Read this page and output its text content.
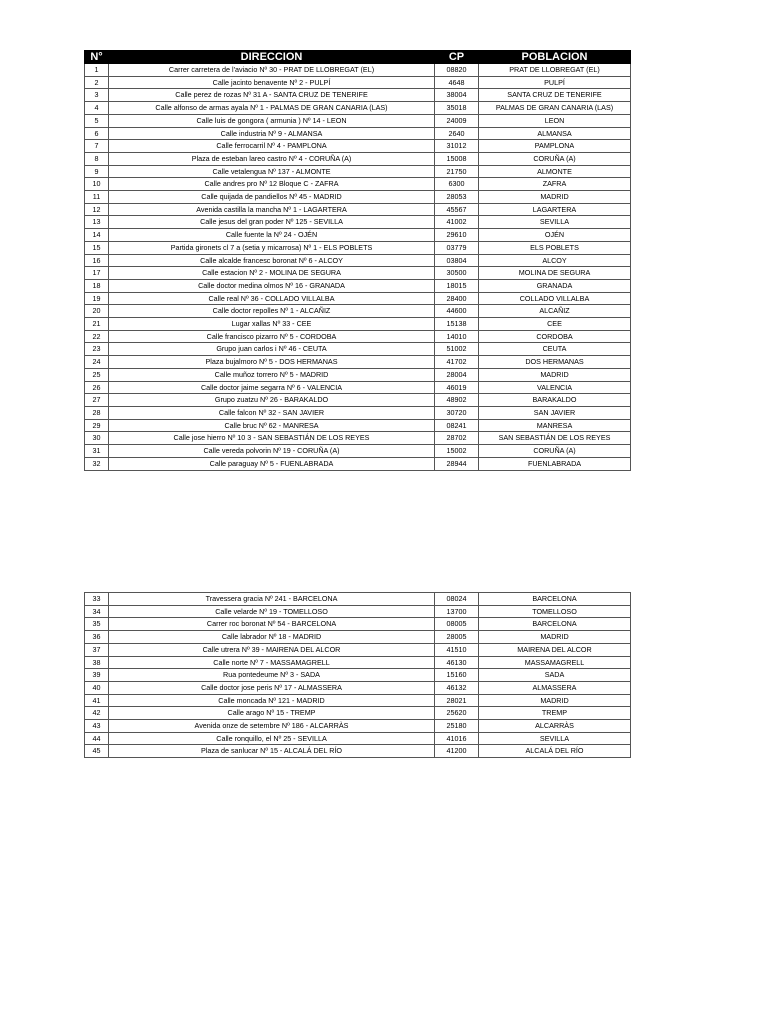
N°	DIRECCION	CP	POBLACION
1	Carrer carretera de l'aviacio Nº 30 - PRAT DE LLOBREGAT (EL)	08820	PRAT DE LLOBREGAT (EL)
2	Calle jacinto benavente Nº 2 - PULPÍ	4648	PULPÍ
3	Calle perez de rozas Nº 31 A - SANTA CRUZ DE TENERIFE	38004	SANTA CRUZ DE TENERIFE
4	Calle alfonso de armas ayala Nº 1 - PALMAS DE GRAN CANARIA (LAS)	35018	PALMAS DE GRAN CANARIA (LAS)
5	Calle luis de gongora ( armunia ) Nº 14 - LEON	24009	LEON
6	Calle industria Nº 9 - ALMANSA	2640	ALMANSA
7	Calle ferrocarril Nº 4 - PAMPLONA	31012	PAMPLONA
8	Plaza de esteban lareo castro Nº 4 - CORUÑA (A)	15008	CORUÑA (A)
9	Calle vetalengua Nº 137 - ALMONTE	21750	ALMONTE
10	Calle andres pro Nº 12 Bloque C - ZAFRA	6300	ZAFRA
11	Calle quijada de pandiellos Nº 45 - MADRID	28053	MADRID
12	Avenida castilla la mancha Nº 1 - LAGARTERA	45567	LAGARTERA
13	Calle jesus del gran poder Nº 125 - SEVILLA	41002	SEVILLA
14	Calle fuente la Nº 24 - OJÉN	29610	OJÉN
15	Partida gironets cl 7 a (setia y micarrosa) Nº 1 - ELS POBLETS	03779	ELS POBLETS
16	Calle alcalde francesc boronat Nº 6 - ALCOY	03804	ALCOY
17	Calle estacion Nº 2 - MOLINA DE SEGURA	30500	MOLINA DE SEGURA
18	Calle doctor medina olmos Nº 16 - GRANADA	18015	GRANADA
19	Calle real Nº 36 - COLLADO VILLALBA	28400	COLLADO VILLALBA
20	Calle doctor repolles Nº 1 - ALCAÑIZ	44600	ALCAÑIZ
21	Lugar xallas Nº 33 - CEE	15138	CEE
22	Calle francisco pizarro Nº 5 - CORDOBA	14010	CORDOBA
23	Grupo juan carlos i Nº 46 - CEUTA	51002	CEUTA
24	Plaza bujalmoro Nº 5 - DOS HERMANAS	41702	DOS HERMANAS
25	Calle muñoz torrero Nº 5 - MADRID	28004	MADRID
26	Calle doctor jaime segarra Nº 6 - VALENCIA	46019	VALENCIA
27	Grupo zuatzu Nº 26 - BARAKALDO	48902	BARAKALDO
28	Calle falcon Nº 32 - SAN JAVIER	30720	SAN JAVIER
29	Calle bruc Nº 62 - MANRESA	08241	MANRESA
30	Calle jose hierro Nº 10 3 - SAN SEBASTIÁN DE LOS REYES	28702	SAN SEBASTIÁN DE LOS REYES
31	Calle vereda polvorin Nº 19 - CORUÑA (A)	15002	CORUÑA (A)
32	Calle paraguay Nº 5 - FUENLABRADA	28944	FUENLABRADA
33	Travessera gracia Nº 241 - BARCELONA	08024	BARCELONA
34	Calle velarde Nº 19 - TOMELLOSO	13700	TOMELLOSO
35	Carrer roc boronat Nº 54 - BARCELONA	08005	BARCELONA
36	Calle labrador Nº 18 - MADRID	28005	MADRID
37	Calle utrera Nº 39 - MAIRENA DEL ALCOR	41510	MAIRENA DEL ALCOR
38	Calle norte Nº 7 - MASSAMAGRELL	46130	MASSAMAGRELL
39	Rua pontedeume Nº 3 - SADA	15160	SADA
40	Calle doctor jose peris Nº 17 - ALMASSERA	46132	ALMASSERA
41	Calle moncada Nº 121 - MADRID	28021	MADRID
42	Calle arago Nº 15 - TREMP	25620	TREMP
43	Avenida onze de setembre Nº 186 - ALCARRÀS	25180	ALCARRÀS
44	Calle ronquillo, el Nº 25 - SEVILLA	41016	SEVILLA
45	Plaza de sanlucar Nº 15 - ALCALÁ DEL RÍO	41200	ALCALÁ DEL RÍO
